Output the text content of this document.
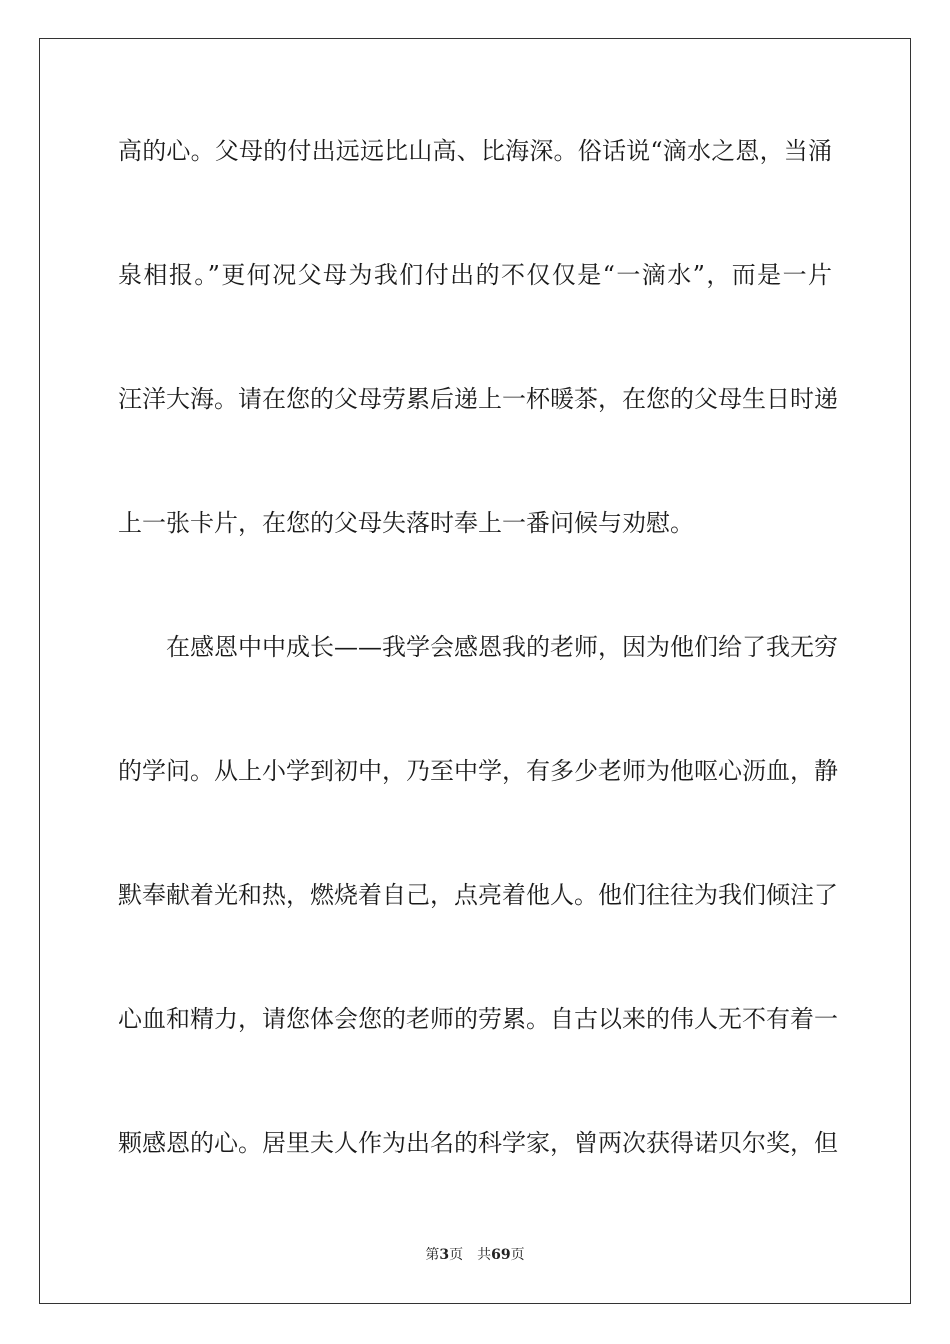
高的心。父母的付出远远比山高、比海深。俗话说“滴水之恩，当涌
泉相报。”更何况父母为我们付出的不仅仅是“一滴水”，而是一片
汪洋大海。请在您的父母劳累后递上一杯暖茶，在您的父母生日时递
上一张卡片，在您的父母失落时奉上一番问候与劝慰。
在感恩中中成长——我学会感恩我的老师，因为他们给了我无穷
的学问。从上小学到初中，乃至中学，有多少老师为他呕心沥血，静
默奉献着光和热，燃烧着自己，点亮着他人。他们往往为我们倾注了
心血和精力，请您体会您的老师的劳累。自古以来的伟人无不有着一
颗感恩的心。居里夫人作为出名的科学家，曾两次获得诺贝尔奖，但
第3页 共69页
